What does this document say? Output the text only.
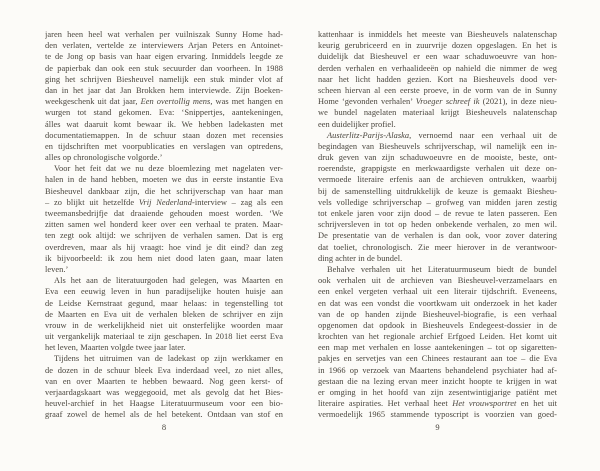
jaren heen heel wat verhalen per vuilniszak Sunny Home had-
den verlaten, vertelde ze interviewers Arjan Peters en Antoinet-
te de Jong op basis van haar eigen ervaring. Inmiddels leegde ze
de papierbak dan ook een stuk secuurder dan voorheen. In 1988
ging het schrijven Biesheuvel namelijk een stuk minder vlot af
dan in het jaar dat Jan Brokken hem interviewde. Zijn Boeken-
weekgeschenk uit dat jaar, Een overtollig mens, was met hangen en
wurgen tot stand gekomen. Eva: ‘Snippertjes, aantekeningen,
álles wat daaruit komt bewaar ik. We hebben ladekasten met
documentatiemappen. In de schuur staan dozen met recensies
en tijdschriften met voorpublicaties en verslagen van optredens,
alles op chronologische volgorde.’
Voor het feit dat we nu deze bloemlezing met nagelaten ver-
halen in de hand hebben, moeten we dus in eerste instantie Eva
Biesheuvel dankbaar zijn, die het schrijverschap van haar man
– zo blijkt uit hetzelfde Vrij Nederland-interview – zag als een
tweemansbedrijfje dat draaiende gehouden moest worden. ‘We
zitten samen wel honderd keer over een verhaal te praten. Maar-
ten zegt ook altijd: we schrijven de verhalen samen. Dat is erg
overdreven, maar als hij vraagt: hoe vind je dit eind? dan zeg
ik bijvoorbeeld: ik zou hem niet dood laten gaan, maar laten
leven.’
Als het aan de literatuurgoden had gelegen, was Maarten en
Eva een eeuwig leven in hun paradijselijke houten huisje aan
de Leidse Kernstraat gegund, maar helaas: in tegenstelling tot
de Maarten en Eva uit de verhalen bleken de schrijver en zijn
vrouw in de werkelijkheid niet uit onsterfelijke woorden maar
uit vergankelijk materiaal te zijn geschapen. In 2018 liet eerst Eva
het leven, Maarten volgde twee jaar later.
Tijdens het uitruimen van de ladekast op zijn werkkamer en
de dozen in de schuur bleek Eva inderdaad veel, zo niet alles,
van en over Maarten te hebben bewaard. Nog geen kerst- of
verjaardagskaart was weggegooid, met als gevolg dat het Bies-
heuvel-archief in het Haagse Literatuurmuseum voor een bio-
graaf zowel de hemel als de hel betekent. Ontdaan van stof en
8
kattenhaar is inmiddels het meeste van Biesheuvels nalatenschap
keurig gerubriceerd en in zuurvrije dozen opgeslagen. En het is
duidelijk dat Biesheuvel er een waar schaduwoeuvre van hon-
derden verhalen en verhaalideeën op nahield die nimmer de weg
naar het licht hadden gezien. Kort na Biesheuvels dood ver-
scheen hiervan al een eerste proeve, in de vorm van de in Sunny
Home ‘gevonden verhalen’ Vroeger schreef ik (2021), in deze nieu-
we bundel nagelaten materiaal krijgt Biesheuvels nalatenschap
een duidelijker profiel.
Austerlitz-Parijs-Alaska, vernoemd naar een verhaal uit de
begindagen van Biesheuvels schrijverschap, wil namelijk een in-
druk geven van zijn schaduwoeuvre en de mooiste, beste, ont-
roerendste, grappigste en merkwaardigste verhalen uit deze on-
vermoede literaire erfenis aan de archieven ontrukken, waarbij
bij de samenstelling uitdrukkelijk de keuze is gemaakt Biesheu-
vels volledige schrijverschap – grofweg van midden jaren zestig
tot enkele jaren voor zijn dood – de revue te laten passeren. Een
schrijversleven in tot op heden onbekende verhalen, zo men wil.
De presentatie van de verhalen is dan ook, voor zover datering
dat toeliet, chronologisch. Zie meer hierover in de verantwoor-
ding achter in de bundel.
Behalve verhalen uit het Literatuurmuseum biedt de bundel
ook verhalen uit de archieven van Biesheuvel-verzamelaars en
een enkel vergeten verhaal uit een literair tijdschrift. Eveneens,
en dat was een vondst die voortkwam uit onderzoek in het kader
van de op handen zijnde Biesheuvel-biografie, is een verhaal
opgenomen dat opdook in Biesheuvels Endegeest-dossier in de
krochten van het regionale archief Erfgoed Leiden. Het komt uit
een map met verhalen en losse aantekeningen – tot op sigaretten-
pakjes en servetjes van een Chinees restaurant aan toe – die Eva
in 1966 op verzoek van Maartens behandelend psychiater had af-
gestaan die na lezing ervan meer inzicht hoopte te krijgen in wat
er omging in het hoofd van zijn zesentwintigjarige patiënt met
literaire aspiraties. Het verhaal heet Het vrouwsportret en het uit
vermoedelijk 1965 stammende typoscript is voorzien van goed-
9
